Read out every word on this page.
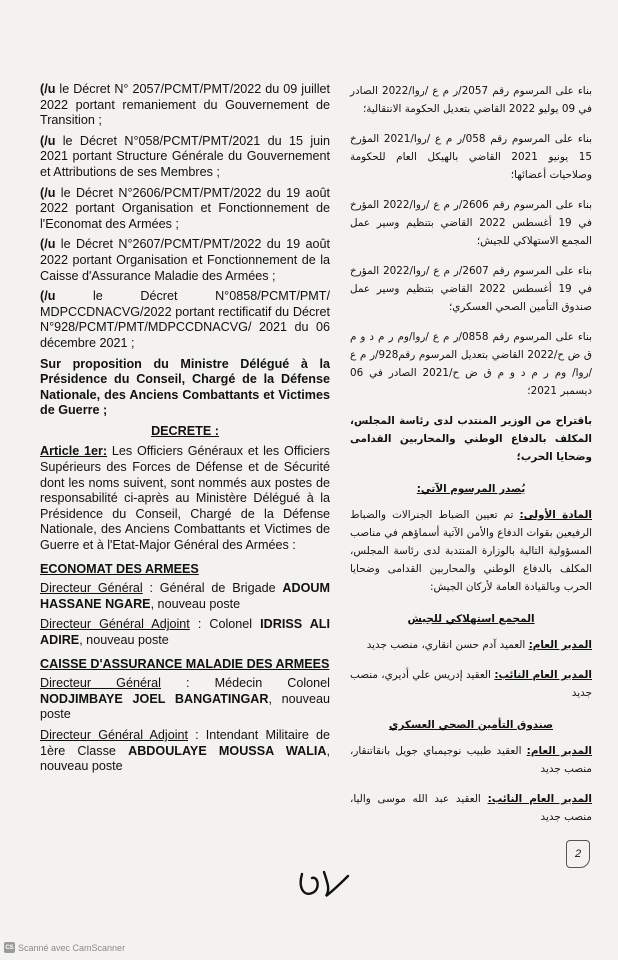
(/u le Décret N° 2057/PCMT/PMT/2022 du 09 juillet 2022 portant remaniement du Gouvernement de Transition ;

(/u le Décret N°058/PCMT/PMT/2021 du 15 juin 2021 portant Structure Générale du Gouvernement et Attributions de ses Membres ;

(/u le Décret N°2606/PCMT/PMT/2022 du 19 août 2022 portant Organisation et Fonctionnement de l'Economat des Armées ;

(/u le Décret N°2607/PCMT/PMT/2022 du 19 août 2022 portant Organisation et Fonctionnement de la Caisse d'Assurance Maladie des Armées ;

(/u le Décret N°0858/PCMT/PMT/ MDPCCDNACVG/2022 portant rectificatif du Décret N°928/PCMT/PMT/MDPCCDNACVG/ 2021 du 06 décembre 2021 ;

Sur proposition du Ministre Délégué à la Présidence du Conseil, Chargé de la Défense Nationale, des Anciens Combattants et Victimes de Guerre ;

DECRETE :

Article 1er: Les Officiers Généraux et les Officiers Supérieurs des Forces de Défense et de Sécurité dont les noms suivent, sont nommés aux postes de responsabilité ci-après au Ministère Délégué à la Présidence du Conseil, Chargé de la Défense Nationale, des Anciens Combattants et Victimes de Guerre et à l'Etat-Major Général des Armées :

ECONOMAT DES ARMEES

Directeur Général : Général de Brigade ADOUM HASSANE NGARE, nouveau poste

Directeur Général Adjoint : Colonel IDRISS ALI ADIRE, nouveau poste

CAISSE D'ASSURANCE MALADIE DES ARMEES

Directeur Général : Médecin Colonel NODJIMBAYE JOEL BANGATINGAR, nouveau poste

Directeur Général Adjoint : Intendant Militaire de 1ère Classe ABDOULAYE MOUSSA WALIA, nouveau poste

بناء على المرسوم رقم 2057/ر م ع /روا/2022 الصادر في 09 يوليو 2022 القاضي بتعديل الحكومة الانتقالية؛

بناء على المرسوم رقم 058/ر م ع /روا/2021 المؤرخ 15 يونيو 2021 القاضي بالهيكل العام للحكومة وصلاحيات أعضائها؛

بناء على المرسوم رقم 2606/ر م ع /روا/2022 المؤرخ في 19 أغسطس 2022 القاضي بتنظيم وسير عمل المجمع الاستهلاكي للجيش؛

بناء على المرسوم رقم 2607/ر م ع /روا/2022 المؤرخ في 19 أغسطس 2022 القاضي بتنظيم وسير عمل صندوق التأمين الصحي العسكري؛

بناء على المرسوم رقم 0858/ر م ع /روا/وم ر م د و م ق ض ح/2022 القاضي بتعديل المرسوم رقم928/ر م ع /روا/ وم ر م د و م ق ض ح/2021 الصادر في 06 ديسمبر 2021؛

باقتراح من الوزير المنتدب لدى رئاسة المجلس، المكلف بالدفاع الوطني والمحاربين القدامى وضحايا الحرب؛

يُصدر المرسوم الآتي:

المادة الأولى: تم تعيين الضباط الجنرالات والضباط الرفيعين بقوات الدفاع والأمن الآتية أسماؤهم في مناصب المسؤولية التالية بالوزارة المنتدبة لدى رئاسة المجلس، المكلف بالدفاع الوطني والمحاربين القدامى وضحايا الحرب وبالقيادة العامة لأركان الجيش:

المجمع استهلاكي للجيش

المدير العام: العميد آدم حسن انقاري، منصب جديد

المدير العام النائب: العقيد إدريس علي أديري، منصب جديد

صندوق التأمين الصحي العسكري

المدير العام: العقيد طبيب نوجيمباي جويل بانقاتنقار، منصب جديد

المدير العام النائب: العقيد عبد الله موسى واليا، منصب جديد

2
CS Scanné avec CamScanner
